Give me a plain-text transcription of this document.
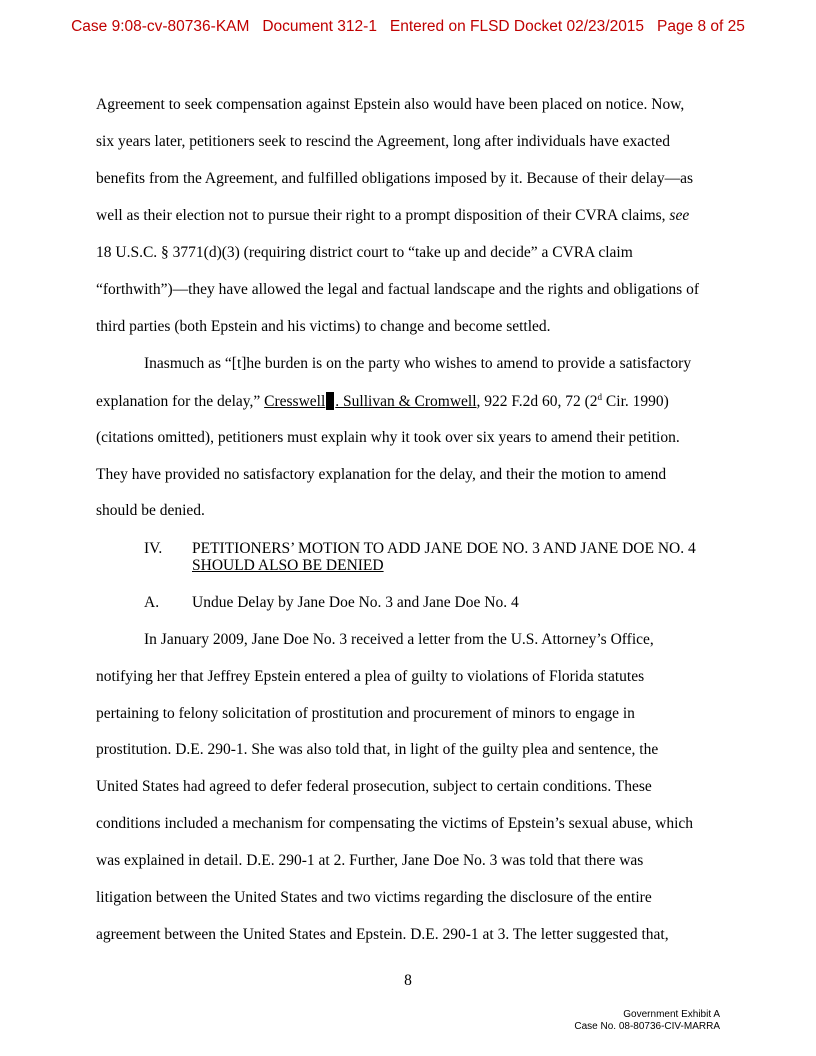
Case 9:08-cv-80736-KAM Document 312-1 Entered on FLSD Docket 02/23/2015 Page 8 of 25
Agreement to seek compensation against Epstein also would have been placed on notice. Now,
six years later, petitioners seek to rescind the Agreement, long after individuals have exacted
benefits from the Agreement, and fulfilled obligations imposed by it. Because of their delay—as
well as their election not to pursue their right to a prompt disposition of their CVRA claims, see
18 U.S.C. § 3771(d)(3) (requiring district court to “take up and decide” a CVRA claim
“forthwith”)—they have allowed the legal and factual landscape and the rights and obligations of
third parties (both Epstein and his victims) to change and become settled.
Inasmuch as “[t]he burden is on the party who wishes to amend to provide a satisfactory
explanation for the delay,” Cresswell . Sullivan & Cromwell, 922 F.2d 60, 72 (2$^d$ Cir. 1990)
(citations omitted), petitioners must explain why it took over six years to amend their petition.
They have provided no satisfactory explanation for the delay, and their the motion to amend
should be denied.
IV. PETITIONERS’ MOTION TO ADD JANE DOE NO. 3 AND JANE DOE NO. 4
SHOULD ALSO BE DENIED
A. Undue Delay by Jane Doe No. 3 and Jane Doe No. 4
In January 2009, Jane Doe No. 3 received a letter from the U.S. Attorney’s Office,
notifying her that Jeffrey Epstein entered a plea of guilty to violations of Florida statutes
pertaining to felony solicitation of prostitution and procurement of minors to engage in
prostitution. D.E. 290-1. She was also told that, in light of the guilty plea and sentence, the
United States had agreed to defer federal prosecution, subject to certain conditions. These
conditions included a mechanism for compensating the victims of Epstein’s sexual abuse, which
was explained in detail. D.E. 290-1 at 2. Further, Jane Doe No. 3 was told that there was
litigation between the United States and two victims regarding the disclosure of the entire
agreement between the United States and Epstein. D.E. 290-1 at 3. The letter suggested that,
8
Government Exhibit A
Case No. 08-80736-CIV-MARRA
